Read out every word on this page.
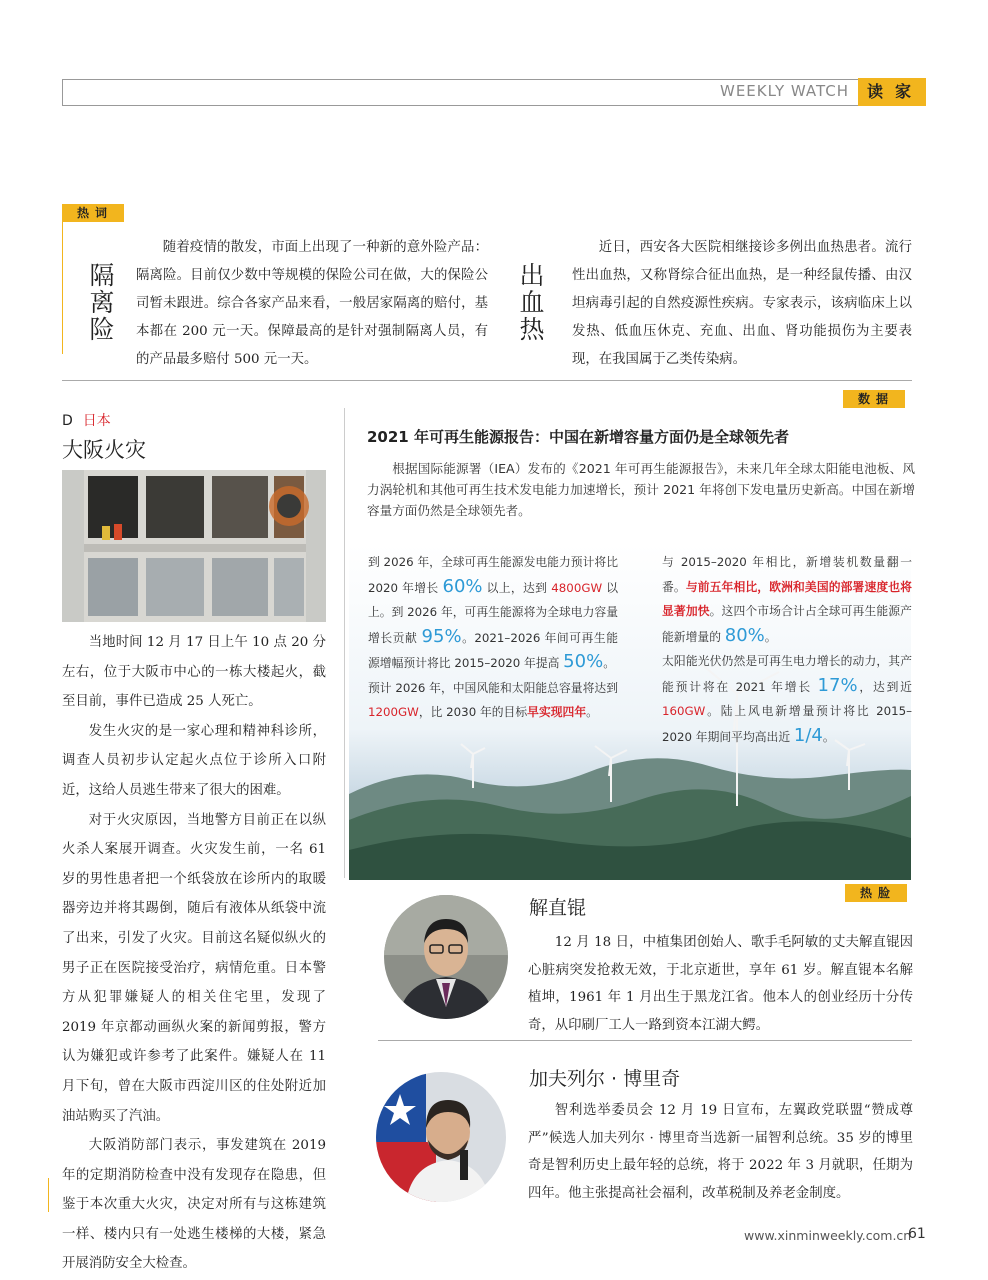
WEEKLY WATCH	读家
热词
隔
离
险

随着疫情的散发，市面上出现了一种新的意外险产品：隔离险。目前仅少数中等规模的保险公司在做，大的保险公司暂未跟进。综合各家产品来看，一般居家隔离的赔付，基本都在 200 元一天。保障最高的是针对强制隔离人员，有的产品最多赔付 500 元一天。

出
血
热

近日，西安各大医院相继接诊多例出血热患者。流行性出血热，又称肾综合征出血热，是一种经鼠传播、由汉坦病毒引起的自然疫源性疾病。专家表示，该病临床上以发热、低血压休克、充血、出血、肾功能损伤为主要表现，在我国属于乙类传染病。

D 日本
大阪火灾

当地时间 12 月 17 日上午 10 点 20 分左右，位于大阪市中心的一栋大楼起火，截至目前，事件已造成 25 人死亡。

发生火灾的是一家心理和精神科诊所，调查人员初步认定起火点位于诊所入口附近，这给人员逃生带来了很大的困难。

对于火灾原因，当地警方目前正在以纵火杀人案展开调查。火灾发生前，一名 61 岁的男性患者把一个纸袋放在诊所内的取暖器旁边并将其踢倒，随后有液体从纸袋中流了出来，引发了火灾。目前这名疑似纵火的男子正在医院接受治疗，病情危重。日本警方从犯罪嫌疑人的相关住宅里，发现了 2019 年京都动画纵火案的新闻剪报，警方认为嫌犯或许参考了此案件。嫌疑人在 11 月下旬，曾在大阪市西淀川区的住处附近加油站购买了汽油。

大阪消防部门表示，事发建筑在 2019 年的定期消防检查中没有发现存在隐患，但鉴于本次重大火灾，决定对所有与这栋建筑一样、楼内只有一处逃生楼梯的大楼，紧急开展消防安全大检查。

数据
2021 年可再生能源报告：中国在新增容量方面仍是全球领先者
根据国际能源署（IEA）发布的《2021 年可再生能源报告》，未来几年全球太阳能电池板、风力涡轮机和其他可再生技术发电能力加速增长，预计 2021 年将创下发电量历史新高。中国在新增容量方面仍然是全球领先者。

到 2026 年，全球可再生能源发电能力预计将比 2020 年增长 60% 以上，达到 4800GW 以上。到 2026 年，可再生能源将为全球电力容量增长贡献 95%。2021–2026 年间可再生能源增幅预计将比 2015–2020 年提高 50%。

预计 2026 年，中国风能和太阳能总容量将达到 1200GW，比 2030 年的目标早实现四年。

与 2015–2020 年相比，新增装机数量翻一番。与前五年相比，欧洲和美国的部署速度也将显著加快。这四个市场合计占全球可再生能源产能新增量的 80%。

太阳能光伏仍然是可再生电力增长的动力，其产能预计将在 2021 年增长 17%，达到近 160GW。陆上风电新增量预计将比 2015–2020 年期间平均高出近 1/4。

热脸
解直锟

12 月 18 日，中植集团创始人、歌手毛阿敏的丈夫解直锟因心脏病突发抢救无效，于北京逝世，享年 61 岁。解直锟本名解植坤，1961 年 1 月出生于黑龙江省。他本人的创业经历十分传奇，从印刷厂工人一路到资本江湖大鳄。

加夫列尔 · 博里奇

智利选举委员会 12 月 19 日宣布，左翼政党联盟“赞成尊严”候选人加夫列尔 · 博里奇当选新一届智利总统。35 岁的博里奇是智利历史上最年轻的总统，将于 2022 年 3 月就职，任期为四年。他主张提高社会福利，改革税制及养老金制度。

www.xinminweekly.com.cn
61
